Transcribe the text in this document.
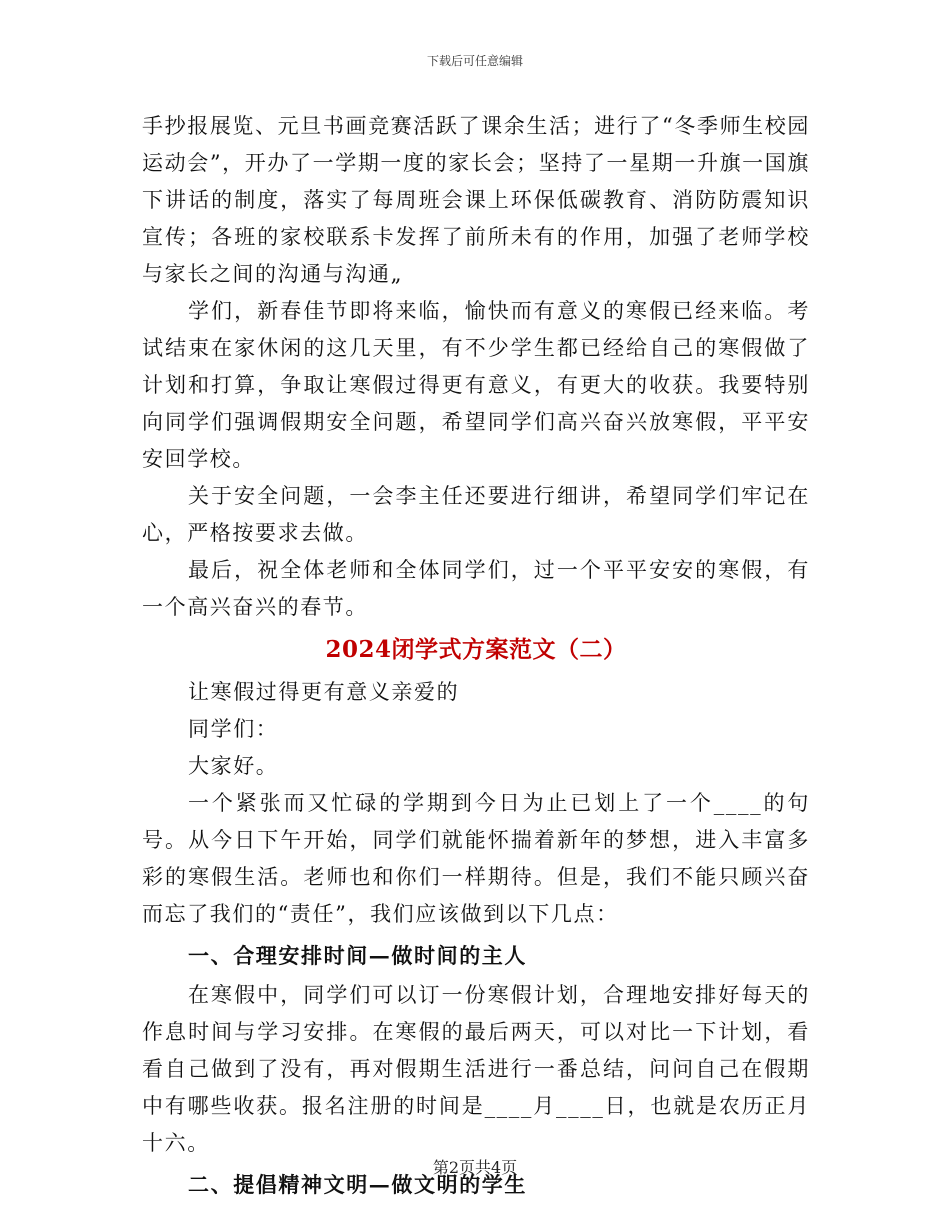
下载后可任意编辑

手抄报展览、元旦书画竞赛活跃了课余生活；进行了“冬季师生校园运动会”，开办了一学期一度的家长会；坚持了一星期一升旗一国旗下讲话的制度，落实了每周班会课上环保低碳教育、消防防震知识宣传；各班的家校联系卡发挥了前所未有的作用，加强了老师学校与家长之间的沟通与沟通„

学们，新春佳节即将来临，愉快而有意义的寒假已经来临。考试结束在家休闲的这几天里，有不少学生都已经给自己的寒假做了计划和打算，争取让寒假过得更有意义，有更大的收获。我要特别向同学们强调假期安全问题，希望同学们高兴奋兴放寒假，平平安安回学校。

关于安全问题，一会李主任还要进行细讲，希望同学们牢记在心，严格按要求去做。

最后，祝全体老师和全体同学们，过一个平平安安的寒假，有一个高兴奋兴的春节。

2024闭学式方案范文（二）

让寒假过得更有意义亲爱的

同学们：

大家好。

一个紧张而又忙碌的学期到今日为止已划上了一个____的句号。从今日下午开始，同学们就能怀揣着新年的梦想，进入丰富多彩的寒假生活。老师也和你们一样期待。但是，我们不能只顾兴奋而忘了我们的“责任”，我们应该做到以下几点：

一、合理安排时间—做时间的主人

在寒假中，同学们可以订一份寒假计划，合理地安排好每天的作息时间与学习安排。在寒假的最后两天，可以对比一下计划，看看自己做到了没有，再对假期生活进行一番总结，问问自己在假期中有哪些收获。报名注册的时间是____月____日，也就是农历正月十六。

二、提倡精神文明—做文明的学生
第2页共4页
